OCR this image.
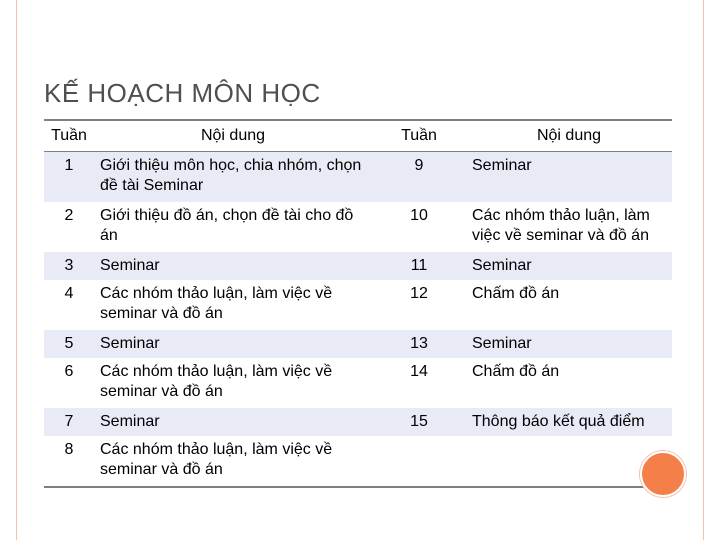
KẾ HOẠCH MÔN HỌC
Tuần	Nội dung	Tuần	Nội dung
1	Giới thiệu môn học, chia nhóm, chọn đề tài Seminar	9	Seminar
2	Giới thiệu đồ án, chọn đề tài cho đồ án	10	Các nhóm thảo luận, làm việc về seminar và đồ án
3	Seminar	11	Seminar
4	Các nhóm thảo luận, làm việc về seminar và đồ án	12	Chấm đồ án
5	Seminar	13	Seminar
6	Các nhóm thảo luận, làm việc về seminar và đồ án	14	Chấm đồ án
7	Seminar	15	Thông báo kết quả điểm
8	Các nhóm thảo luận, làm việc về seminar và đồ án		
